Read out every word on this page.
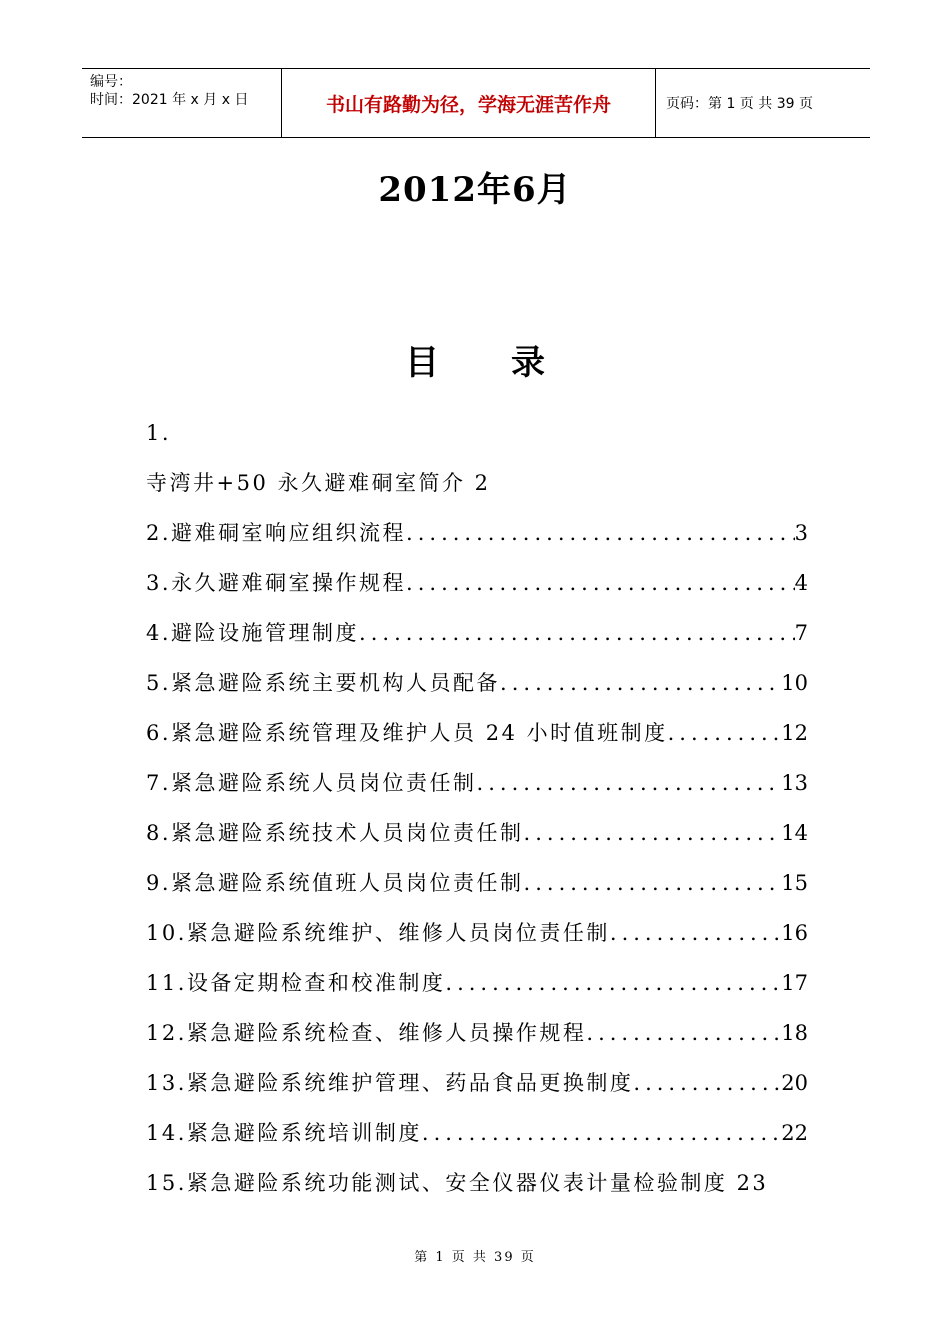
编号：
时间：2021 年 x 月 x 日	书山有路勤为径，学海无涯苦作舟	页码：第 1 页 共 39 页
2012年6月
目 录
1.
寺湾井+50 永久避难硐室简介 2
2.避难硐室响应组织流程 .....	3
3.永久避难硐室操作规程 .....	4
4.避险设施管理制度 .....	7
5.紧急避险系统主要机构人员配备 .....	10
6.紧急避险系统管理及维护人员 24 小时值班制度 .....	12
7.紧急避险系统人员岗位责任制 .....	13
8.紧急避险系统技术人员岗位责任制 .....	14
9.紧急避险系统值班人员岗位责任制 .....	15
10.紧急避险系统维护、维修人员岗位责任制 .....	16
11.设备定期检查和校准制度 .....	17
12.紧急避险系统检查、维修人员操作规程 .....	18
13.紧急避险系统维护管理、药品食品更换制度 .....	20
14.紧急避险系统培训制度 .....	22
15.紧急避险系统功能测试、安全仪器仪表计量检验制度 23
第 1 页 共 39 页
